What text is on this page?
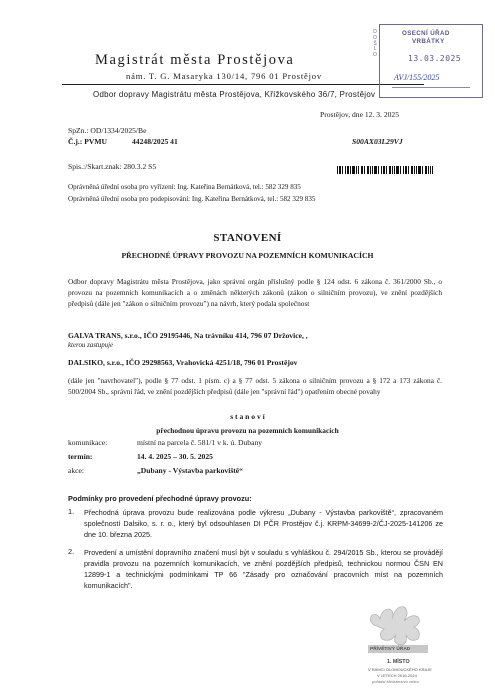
Magistrát města Prostějova
nám. T. G. Masaryka 130/14, 796 01 Prostějov
Odbor dopravy Magistrátu města Prostějova, Křížkovského 36/7, Prostějov
D
O
Š
L
O
OSECNÍ ÚŘAD
VRBÁTKY
13.03.2025
AVJ/155/2025
Prostějov, dne 12. 3. 2025
SpZn.: OD/1334/2025/Be
Č.j.: PVMU	44248/2025 41	S00AX03L29VJ
Spis.:/Skart.znak: 280.3.2 S5
Oprávněná úřední osoba pro vyřízení: Ing. Kateřina Bernátková, tel.: 582 329 835
Oprávněná úřední osoba pro podepisování: Ing. Kateřina Bernátková, tel.: 582 329 835
STANOVENÍ
PŘECHODNÉ ÚPRAVY PROVOZU NA POZEMNÍCH KOMUNIKACÍCH
Odbor dopravy Magistrátu města Prostějova, jako správní orgán příslušný podle § 124 odst. 6 zákona č. 361/2000 Sb., o provozu na pozemních komunikacích a o změnách některých zákonů (zákon o silničním provozu), ve znění pozdějších předpisů (dále jen "zákon o silničním provozu") na návrh, který podala společnost
GALVA TRANS, s.r.o., IČO 29195446, Na trávníku 414, 796 07 Držovice, ,
kterou zastupuje
DALSIKO, s.r.o., IČO 29298563, Vrahovická 4251/18, 796 01 Prostějov
(dále jen "navrhovatel"), podle § 77 odst. 1 písm. c) a § 77 odst. 5 zákona o silničním provozu a § 172 a 173 zákona č. 500/2004 Sb., správní řád, ve znění pozdějších předpisů (dále jen "správní řád") opatřením obecné povahy
s t a n o v í
přechodnou úpravu provozu na pozemních komunikacích
komunikace:	místní na parcela č. 581/1 v k. ú. Dubany
termín:	14. 4. 2025 – 30. 5. 2025
akce:	„Dubany - Výstavba parkoviště“
Podmínky pro provedení přechodné úpravy provozu:
1. Přechodná úprava provozu bude realizována podle výkresu „Dubany - Výstavba parkoviště“, zpracovaném společností Dalsiko, s. r. o., který byl odsouhlasen DI PČR Prostějov č.j. KRPM-34699-2/ČJ-2025-141206 ze dne 10. března 2025.
2. Provedení a umístění dopravního značení musí být v souladu s vyhláškou č. 294/2015 Sb., kterou se provádějí pravidla provozu na pozemních komunikacích, ve znění pozdějších předpisů, technickou normou ČSN EN 12899-1 a technickými podmínkami TP 66 "Zásady pro označování pracovních míst na pozemních komunikacích".
PŘÍVĚTIVÝ ÚŘAD
1. MÍSTO
V RÁMCI OLOMOUCKÉHO KRAJE
V LETECH 2016-2024
pořádal Ministerstvo vnitra
